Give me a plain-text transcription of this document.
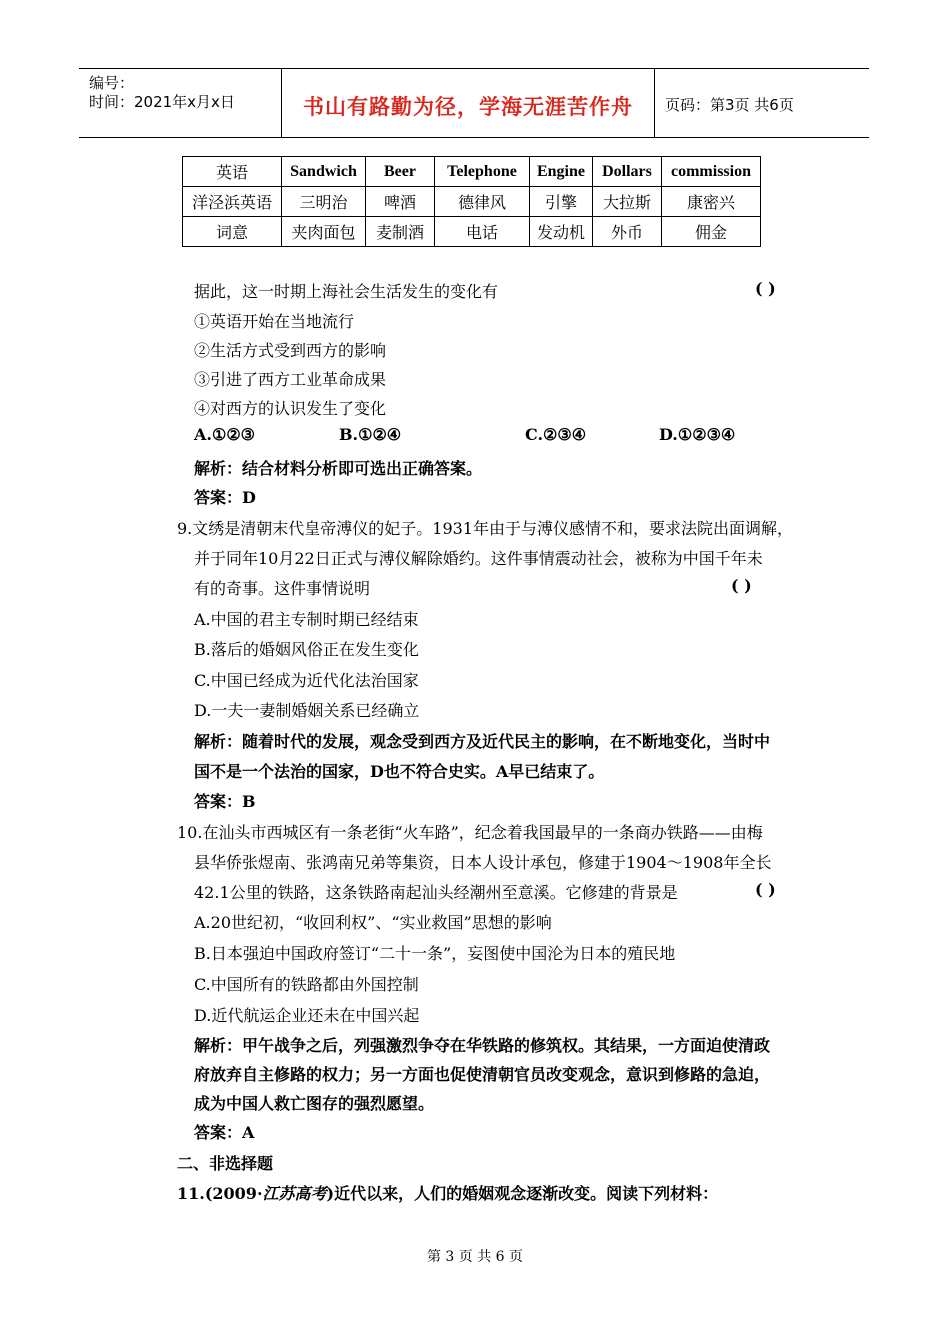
编号：
时间：2021年x月x日	书山有路勤为径，学海无涯苦作舟	页码：第3页 共6页
英语	Sandwich	Beer	Telephone	Engine	Dollars	commission
洋泾浜英语	三明治	啤酒	德律风	引擎	大拉斯	康密兴
词意	夹肉面包	麦制酒	电话	发动机	外币	佣金
据此，这一时期上海社会生活发生的变化有	( )
①英语开始在当地流行
②生活方式受到西方的影响
③引进了西方工业革命成果
④对西方的认识发生了变化
A.①②③	B.①②④	C.②③④	D.①②③④
解析：结合材料分析即可选出正确答案。
答案：D
9.文绣是清朝末代皇帝溥仪的妃子。1931年由于与溥仪感情不和，要求法院出面调解，
并于同年10月22日正式与溥仪解除婚约。这件事情震动社会，被称为中国千年未
有的奇事。这件事情说明	( )
A.中国的君主专制时期已经结束
B.落后的婚姻风俗正在发生变化
C.中国已经成为近代化法治国家
D.一夫一妻制婚姻关系已经确立
解析：随着时代的发展，观念受到西方及近代民主的影响，在不断地变化，当时中
国不是一个法治的国家，D也不符合史实。A早已结束了。
答案：B
10.在汕头市西城区有一条老街“火车路”，纪念着我国最早的一条商办铁路——由梅
县华侨张煜南、张鸿南兄弟等集资，日本人设计承包，修建于1904～1908年全长
42.1公里的铁路，这条铁路南起汕头经潮州至意溪。它修建的背景是	( )
A.20世纪初，“收回利权”、“实业救国”思想的影响
B.日本强迫中国政府签订“二十一条”，妄图使中国沦为日本的殖民地
C.中国所有的铁路都由外国控制
D.近代航运企业还未在中国兴起
解析：甲午战争之后，列强激烈争夺在华铁路的修筑权。其结果，一方面迫使清政
府放弃自主修路的权力；另一方面也促使清朝官员改变观念，意识到修路的急迫，
成为中国人救亡图存的强烈愿望。
答案：A
二、非选择题
11.(2009·江苏高考)近代以来，人们的婚姻观念逐渐改变。阅读下列材料：
第 3 页 共 6 页
